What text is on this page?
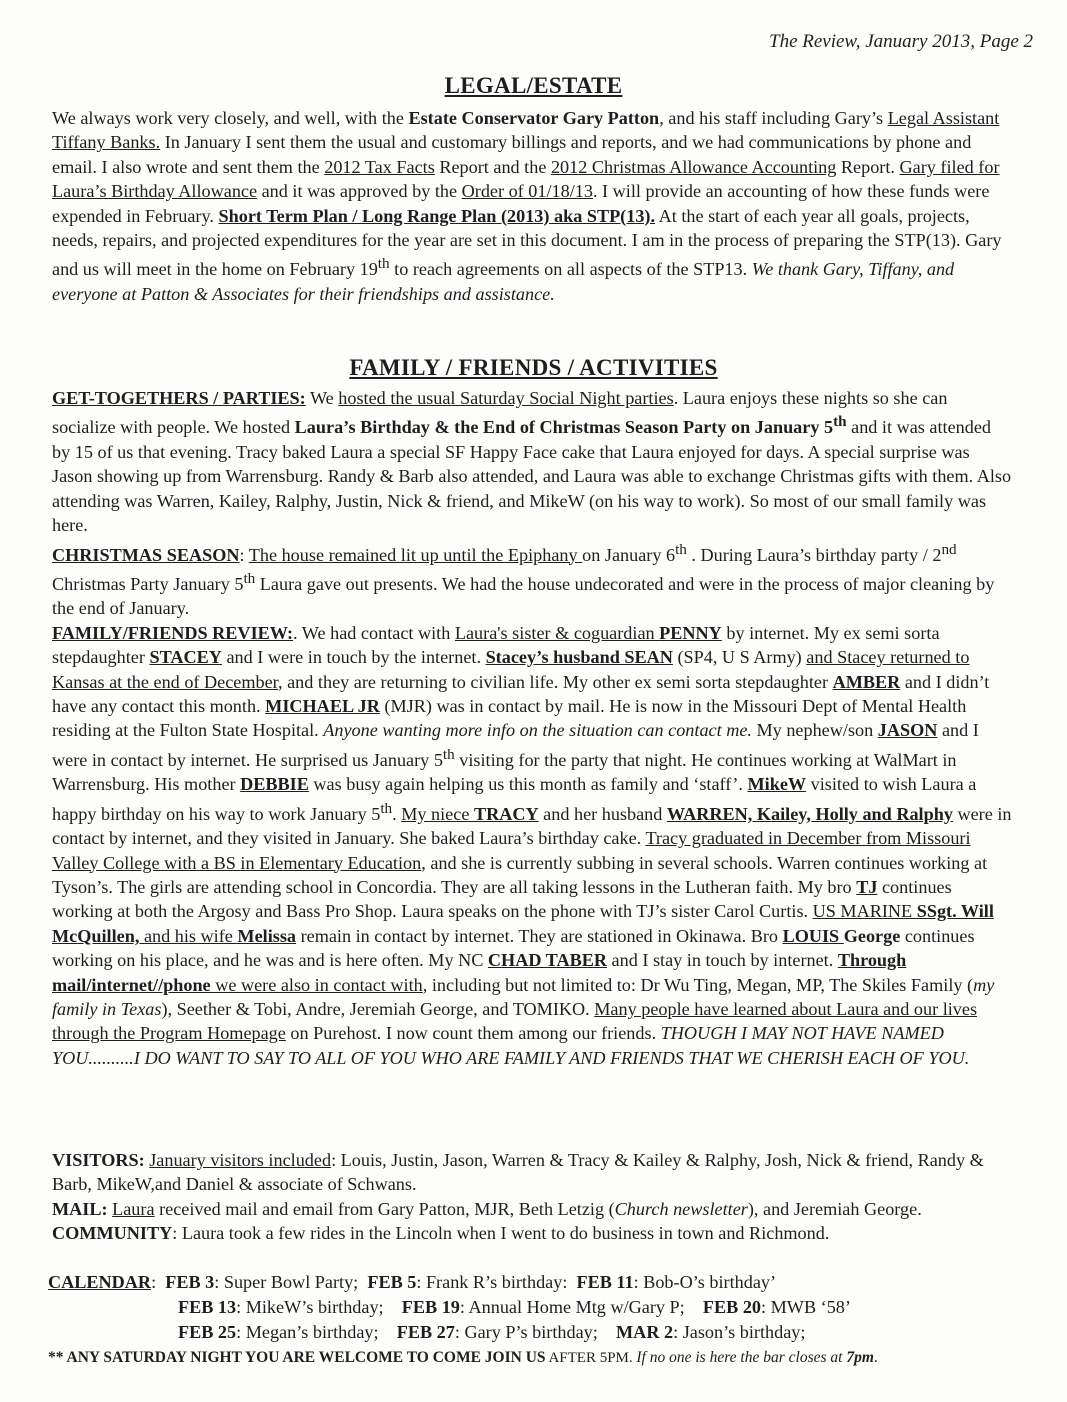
The Review, January 2013, Page 2
LEGAL/ESTATE

We always work very closely, and well, with the Estate Conservator Gary Patton, and his staff including Gary’s Legal Assistant Tiffany Banks. In January I sent them the usual and customary billings and reports, and we had communications by phone and email. I also wrote and sent them the 2012 Tax Facts Report and the 2012 Christmas Allowance Accounting Report. Gary filed for Laura’s Birthday Allowance and it was approved by the Order of 01/18/13. I will provide an accounting of how these funds were expended in February. Short Term Plan / Long Range Plan (2013) aka STP(13). At the start of each year all goals, projects, needs, repairs, and projected expenditures for the year are set in this document. I am in the process of preparing the STP(13). Gary and us will meet in the home on February 19th to reach agreements on all aspects of the STP13. We thank Gary, Tiffany, and everyone at Patton & Associates for their friendships and assistance.

FAMILY / FRIENDS / ACTIVITIES

GET-TOGETHERS / PARTIES: We hosted the usual Saturday Social Night parties. Laura enjoys these nights so she can socialize with people. We hosted Laura’s Birthday & the End of Christmas Season Party on January 5th and it was attended by 15 of us that evening. Tracy baked Laura a special SF Happy Face cake that Laura enjoyed for days. A special surprise was Jason showing up from Warrensburg. Randy & Barb also attended, and Laura was able to exchange Christmas gifts with them. Also attending was Warren, Kailey, Ralphy, Justin, Nick & friend, and MikeW (on his way to work). So most of our small family was here.

CHRISTMAS SEASON: The house remained lit up until the Epiphany on January 6th . During Laura’s birthday party / 2nd Christmas Party January 5th Laura gave out presents. We had the house undecorated and were in the process of major cleaning by the end of January.

FAMILY/FRIENDS REVIEW:. We had contact with Laura's sister & coguardian PENNY by internet. My ex semi sorta stepdaughter STACEY and I were in touch by the internet. Stacey’s husband SEAN (SP4, U S Army) and Stacey returned to Kansas at the end of December, and they are returning to civilian life. My other ex semi sorta stepdaughter AMBER and I didn’t have any contact this month. MICHAEL JR (MJR) was in contact by mail. He is now in the Missouri Dept of Mental Health residing at the Fulton State Hospital. Anyone wanting more info on the situation can contact me. My nephew/son JASON and I were in contact by internet. He surprised us January 5th visiting for the party that night. He continues working at WalMart in Warrensburg. His mother DEBBIE was busy again helping us this month as family and ‘staff’. MikeW visited to wish Laura a happy birthday on his way to work January 5th. My niece TRACY and her husband WARREN, Kailey, Holly and Ralphy were in contact by internet, and they visited in January. She baked Laura’s birthday cake. Tracy graduated in December from Missouri Valley College with a BS in Elementary Education, and she is currently subbing in several schools. Warren continues working at Tyson’s. The girls are attending school in Concordia. They are all taking lessons in the Lutheran faith. My bro TJ continues working at both the Argosy and Bass Pro Shop. Laura speaks on the phone with TJ’s sister Carol Curtis. US MARINE SSgt. Will McQuillen, and his wife Melissa remain in contact by internet. They are stationed in Okinawa. Bro LOUIS George continues working on his place, and he was and is here often. My NC CHAD TABER and I stay in touch by internet. Through mail/internet//phone we were also in contact with, including but not limited to: Dr Wu Ting, Megan, MP, The Skiles Family (my family in Texas), Seether & Tobi, Andre, Jeremiah George, and TOMIKO. Many people have learned about Laura and our lives through the Program Homepage on Purehost. I now count them among our friends. THOUGH I MAY NOT HAVE NAMED YOU..........I DO WANT TO SAY TO ALL OF YOU WHO ARE FAMILY AND FRIENDS THAT WE CHERISH EACH OF YOU.

VISITORS: January visitors included: Louis, Justin, Jason, Warren & Tracy & Kailey & Ralphy, Josh, Nick & friend, Randy & Barb, MikeW,and Daniel & associate of Schwans.

MAIL: Laura received mail and email from Gary Patton, MJR, Beth Letzig (Church newsletter), and Jeremiah George.

COMMUNITY: Laura took a few rides in the Lincoln when I went to do business in town and Richmond.

CALENDAR:  FEB 3: Super Bowl Party;  FEB 5: Frank R’s birthday:  FEB 11: Bob-O’s birthday’
FEB 13: MikeW’s birthday;    FEB 19: Annual Home Mtg w/Gary P;    FEB 20: MWB ‘58’
FEB 25: Megan’s birthday;    FEB 27: Gary P’s birthday;    MAR 2: Jason’s birthday;
** ANY SATURDAY NIGHT YOU ARE WELCOME TO COME JOIN US AFTER 5PM. If no one is here the bar closes at 7pm.
